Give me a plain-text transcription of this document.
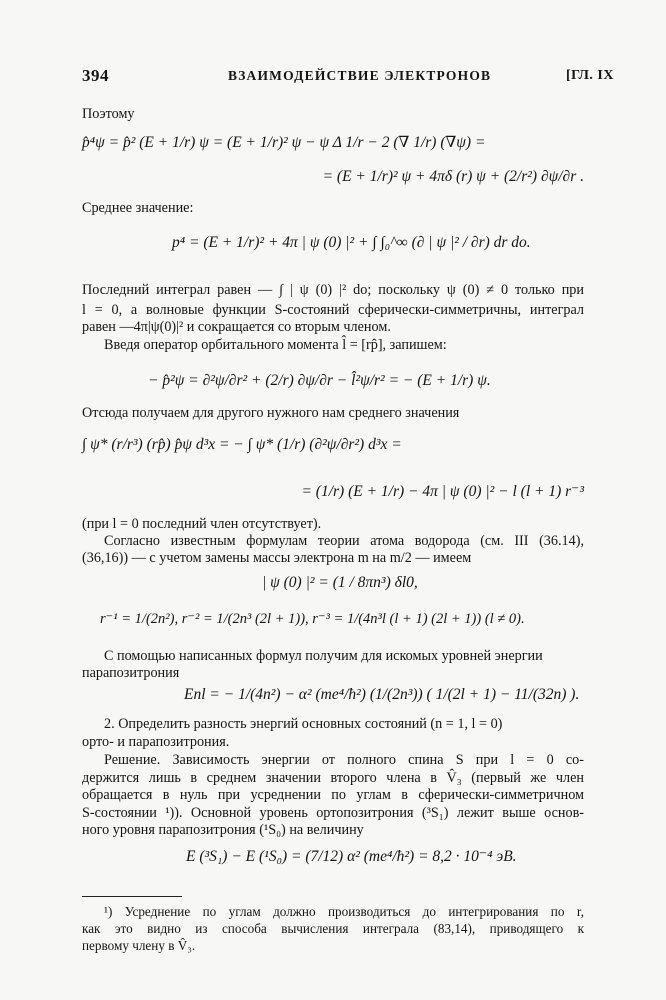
394	ВЗАИМОДЕЙСТВИЕ ЭЛЕКТРОНОВ	[ГЛ. IX
Поэтому
p̂⁴ψ = p̂² (E + 1/r) ψ = (E + 1/r)² ψ − ψ Δ 1/r − 2 (∇ 1/r) (∇ψ) =
= (E + 1/r)² ψ + 4πδ (r) ψ + (2/r²) ∂ψ/∂r .
Среднее значение:
p⁴ = (E + 1/r)² + 4π | ψ (0) |² + ∫ ∫₀^∞ (∂ | ψ |² / ∂r) dr do.
Последний интеграл равен — ∫ | ψ (0) |² do; поскольку ψ (0) ≠ 0 только при
l = 0, а волновые функции S-состояний сферически-симметричны, интеграл
равен —4π|ψ(0)|² и сокращается со вторым членом.
Введя оператор орбитального момента l̂ = [rp̂], запишем:
− p̂²ψ = ∂²ψ/∂r² + (2/r) ∂ψ/∂r − l̂²ψ/r² = − (E + 1/r) ψ.
Отсюда получаем для другого нужного нам среднего значения
∫ ψ* (r/r³) (rp̂) p̂ψ d³x = − ∫ ψ* (1/r) (∂²ψ/∂r²) d³x =
= (1/r) (E + 1/r) − 4π | ψ (0) |² − l (l + 1) r⁻³
(при l = 0 последний член отсутствует).
Согласно известным формулам теории атома водорода (см. III (36.14),
(36,16)) — с учетом замены массы электрона m на m/2 — имеем
| ψ (0) |² = (1 / 8πn³) δl0,
r⁻¹ = 1/(2n²), r⁻² = 1/(2n³ (2l + 1)), r⁻³ = 1/(4n³l (l + 1) (2l + 1)) (l ≠ 0).
С помощью написанных формул получим для искомых уровней энергии
парапозитрония
Enl = − 1/(4n²) − α² (me⁴/ħ²) (1/(2n³)) ( 1/(2l + 1) − 11/(32n) ).
2. Определить разность энергий основных состояний (n = 1, l = 0)
орто- и парапозитрония.
Решение. Зависимость энергии от полного спина S при l = 0 со-
держится лишь в среднем значении второго члена в V̂₃ (первый же член
обращается в нуль при усреднении по углам в сферически-симметричном
S-состоянии ¹)). Основной уровень ортопозитрония (³S₁) лежит выше основ-
ного уровня парапозитрония (¹S₀) на величину
E (³S₁) − E (¹S₀) = (7/12) α² (me⁴/ħ²) = 8,2 · 10⁻⁴ эВ.
¹) Усреднение по углам должно производиться до интегрирования по r,
как это видно из способа вычисления интеграла (83,14), приводящего к
первому члену в V̂₃.
